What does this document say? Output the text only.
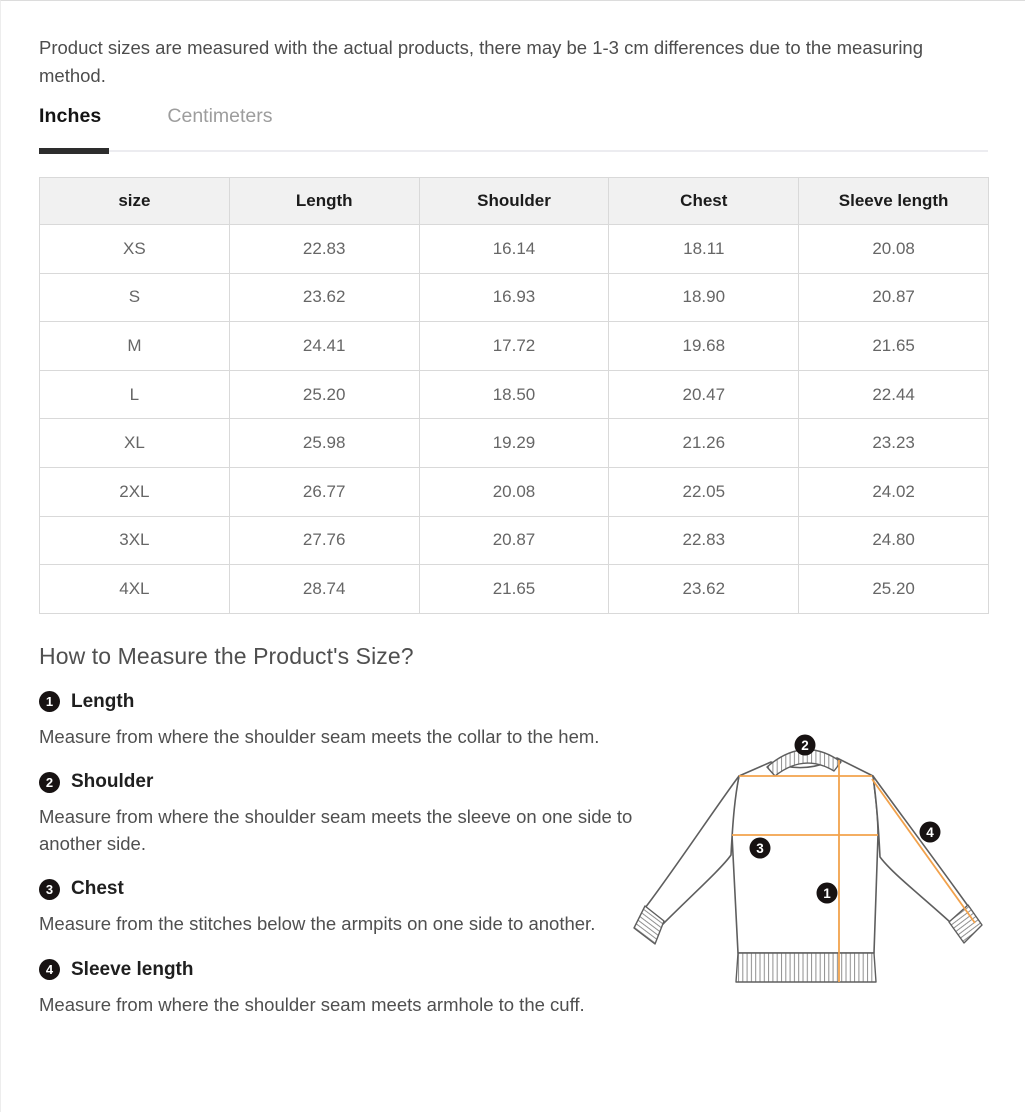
Product sizes are measured with the actual products, there may be 1-3 cm differences due to the measuring method.

Inches	Centimeters
size	Length	Shoulder	Chest	Sleeve length
XS	22.83	16.14	18.11	20.08
S	23.62	16.93	18.90	20.87
M	24.41	17.72	19.68	21.65
L	25.20	18.50	20.47	22.44
XL	25.98	19.29	21.26	23.23
2XL	26.77	20.08	22.05	24.02
3XL	27.76	20.87	22.83	24.80
4XL	28.74	21.65	23.62	25.20
How to Measure the Product's Size?
1 Length

Measure from where the shoulder seam meets the collar to the hem.

2 Shoulder

Measure from where the shoulder seam meets the sleeve on one side to another side.

3 Chest

Measure from the stitches below the armpits on one side to another.

4 Sleeve length

Measure from where the shoulder seam meets armhole to the cuff.

2
3
1
4
